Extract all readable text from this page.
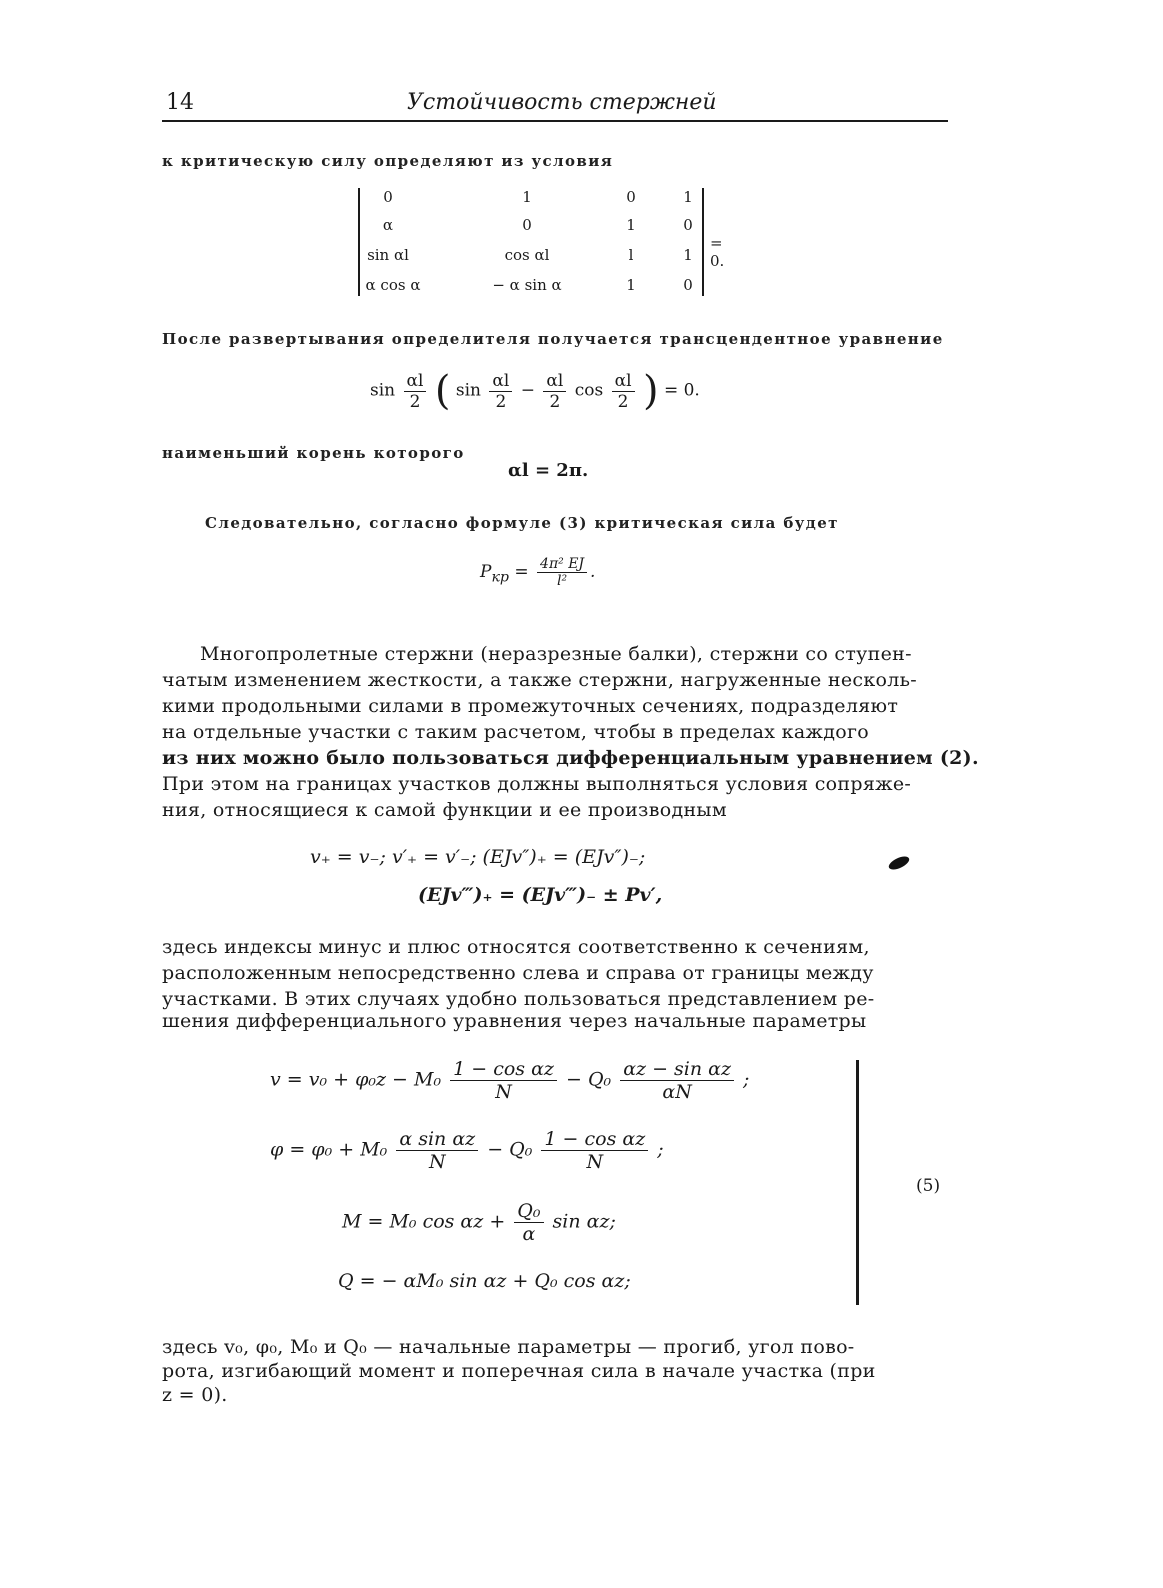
14	Устойчивость стержней
к критическую силу определяют из условия
0	1	0	1
α	0	1	0
sin αl	cos αl	l	1
α cos α	− α sin α	1	0
= 0.
После развертывания определителя получается трансцендентное уравнение
$\sin \frac{\alpha l}{2}$ ( $\sin \frac{\alpha l}{2} - \frac{\alpha l}{2}$ $\cos \frac{\alpha l}{2}$ ) = 0.
наименьший корень которого
αl = 2π.
Следовательно, согласно формуле (3) критическая сила будет
$P_{кр} = \frac{\text{4π² EJ}}{\text{l²}}$ .
Многопролетные стержни (неразрезные балки), стержни со ступен-
чатым изменением жесткости, а также стержни, нагруженные несколь-
кими продольными силами в промежуточных сечениях, подразделяют
на отдельные участки с таким расчетом, чтобы в пределах каждого
из них можно было пользоваться дифференциальным уравнением (2).
При этом на границах участков должны выполняться условия сопряже-
ния, относящиеся к самой функции и ее производным
v₊ = v₋; v′₊ = v′₋; (EJv″)₊ = (EJv″)₋;
(EJv‴)₊ = (EJv‴)₋ ± Pv′,
здесь индексы минус и плюс относятся соответственно к сечениям,
расположенным непосредственно слева и справа от границы между
участками. В этих случаях удобно пользоваться представлением ре-
шения дифференциального уравнения через начальные параметры
$v = v_0 + \varphi_0z - M_0 \frac{\text{1 − cos αz}}{N} - Q_0 \frac{\text{αz − sin αz}}{\alpha N}$ ;
$\varphi = \varphi_0 + M_0 \frac{\text{α sin αz}}{N} - Q_0 \frac{\text{1 − cos αz}}{N}$ ;
M = M₀ $\cos \alpha z + \frac{\text{Q₀}}{\alpha}$ sin αz;
Q = − αM₀ sin αz + Q₀ cos αz;
(5)
здесь v₀, φ₀, M₀ и Q₀ — начальные параметры — прогиб, угол пово-
рота, изгибающий момент и поперечная сила в начале участка (при
z = 0).
